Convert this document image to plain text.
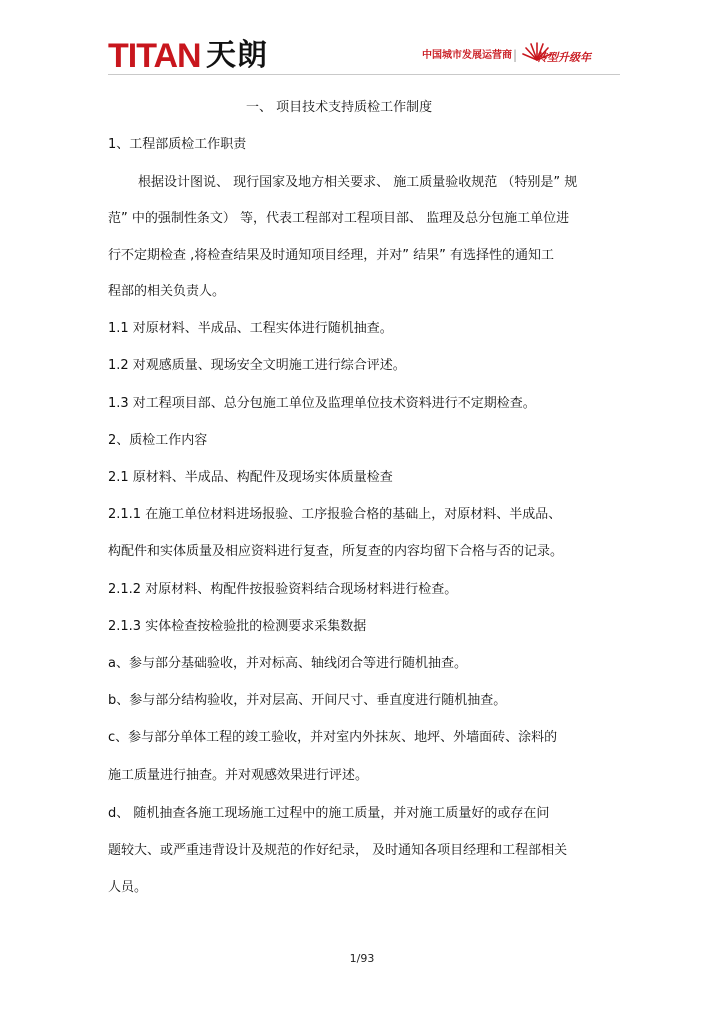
TITAN 天朗	中国城市发展运营商 | 转型升级年
一、 项目技术支持质检工作制度
1、工程部质检工作职责
根据设计图说、 现行国家及地方相关要求、 施工质量验收规范 （特别是” 规
范” 中的强制性条文） 等，代表工程部对工程项目部、 监理及总分包施工单位进
行不定期检查 ,将检查结果及时通知项目经理，并对” 结果” 有选择性的通知工
程部的相关负责人。
1.1 对原材料、半成品、工程实体进行随机抽查。
1.2 对观感质量、现场安全文明施工进行综合评述。
1.3 对工程项目部、总分包施工单位及监理单位技术资料进行不定期检查。
2、质检工作内容
2.1 原材料、半成品、构配件及现场实体质量检查
2.1.1 在施工单位材料进场报验、工序报验合格的基础上，对原材料、半成品、
构配件和实体质量及相应资料进行复查，所复查的内容均留下合格与否的记录。
2.1.2 对原材料、构配件按报验资料结合现场材料进行检查。
2.1.3 实体检查按检验批的检测要求采集数据
a、参与部分基础验收，并对标高、轴线闭合等进行随机抽查。
b、参与部分结构验收，并对层高、开间尺寸、垂直度进行随机抽查。
c、参与部分单体工程的竣工验收，并对室内外抹灰、地坪、外墙面砖、涂料的
施工质量进行抽查。并对观感效果进行评述。
d、 随机抽查各施工现场施工过程中的施工质量，并对施工质量好的或存在问
题较大、或严重违背设计及规范的作好纪录， 及时通知各项目经理和工程部相关
人员。
1/93
